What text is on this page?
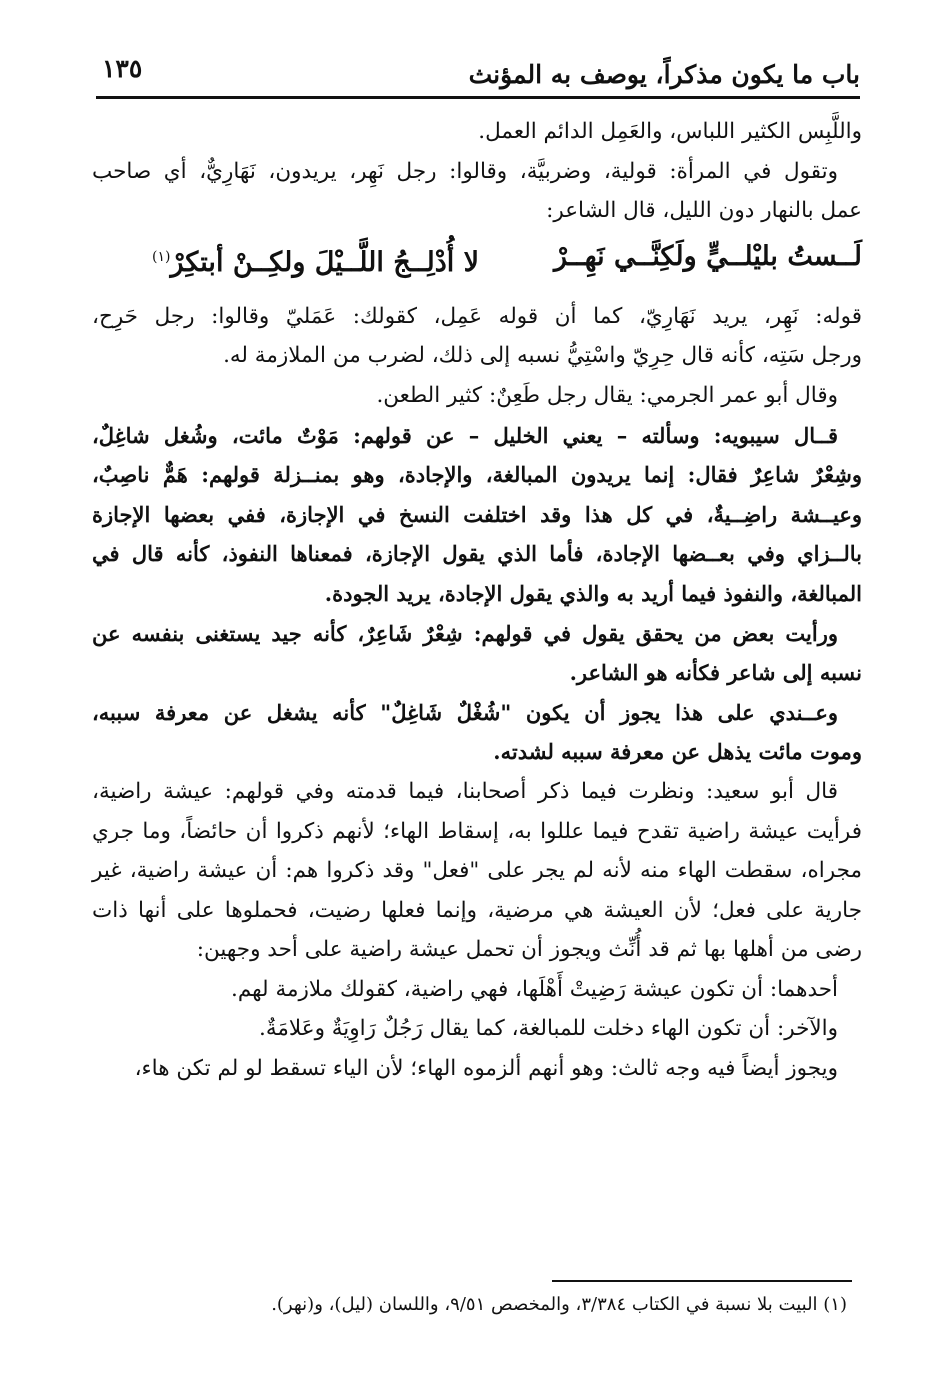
باب ما يكون مذكراً، يوصف به المؤنث
١٣٥
واللَّبِس الكثير اللباس، والعَمِل الدائم العمل.
وتقول في المرأة: قولية، وضربيَّة، وقالوا: رجل نَهِر، يريدون، نَهَارِيٌّ، أي صاحب
عمل بالنهار دون الليل، قال الشاعر:
لَــستُ بليْلــيٍّ ولَكِنَّــي نَهِــرْ
لا أُدْلِــجُ اللَّــيْلَ ولكِــنْ أبتكِرْ$^{(١)}$
قوله: نَهِر، يريد نَهَارِيّ، كما أن قوله عَمِل، كقولك: عَمَليّ وقالوا: رجل حَرِح،
ورجل سَتِه، كأنه قال حِرِيّ واسْتِيُّ نسبه إلى ذلك، لضرب من الملازمة له.
وقال أبو عمر الجرمي: يقال رجل طَعِنٌ: كثير الطعن.
قــال سيبويه: وسألته – يعني الخليل – عن قولهم: مَوْتٌ مائت، وشُغل شاغِلٌ،
وشِعْرٌ شاعِرٌ فقال: إنما يريدون المبالغة، والإجادة، وهو بمنــزلة قولهم: هَمٌّ ناصِبٌ،
وعيــشة راضِــيةٌ، في كل هذا وقد اختلفت النسخ في الإجازة، ففي بعضها الإجازة
بالــزاي وفي بعــضها الإجادة، فأما الذي يقول الإجازة، فمعناها النفوذ، كأنه قال في
المبالغة، والنفوذ فيما أريد به والذي يقول الإجادة، يريد الجودة.
ورأيت بعض من يحقق يقول في قولهم: شِعْرٌ شَاعِرٌ، كأنه جيد يستغنى بنفسه عن
نسبه إلى شاعر فكأنه هو الشاعر.
وعــندي على هذا يجوز أن يكون "شُغْلٌ شَاغِلٌ" كأنه يشغل عن معرفة سببه،
وموت مائت يذهل عن معرفة سببه لشدته.
قال أبو سعيد: ونظرت فيما ذكر أصحابنا، فيما قدمته وفي قولهم: عيشة راضية،
فرأيت عيشة راضية تقدح فيما عللوا به، إسقاط الهاء؛ لأنهم ذكروا أن حائضاً، وما جري
مجراه، سقطت الهاء منه لأنه لم يجر على "فعل" وقد ذكروا هم: أن عيشة راضية، غير
جارية على فعل؛ لأن العيشة هي مرضية، وإنما فعلها رضيت، فحملوها على أنها ذات
رضى من أهلها بها ثم قد أُنِّث ويجوز أن تحمل عيشة راضية على أحد وجهين:
أحدهما: أن تكون عيشة رَضِيتْ أَهْلَها، فهي راضية، كقولك ملازمة لهم.
والآخر: أن تكون الهاء دخلت للمبالغة، كما يقال رَجُلٌ رَاوِيَةٌ وعَلامَةٌ.
ويجوز أيضاً فيه وجه ثالث: وهو أنهم ألزموه الهاء؛ لأن الياء تسقط لو لم تكن هاء،
(١) البيت بلا نسبة في الكتاب ٣/٣٨٤، والمخصص ٩/٥١، واللسان (ليل)، و(نهر).
